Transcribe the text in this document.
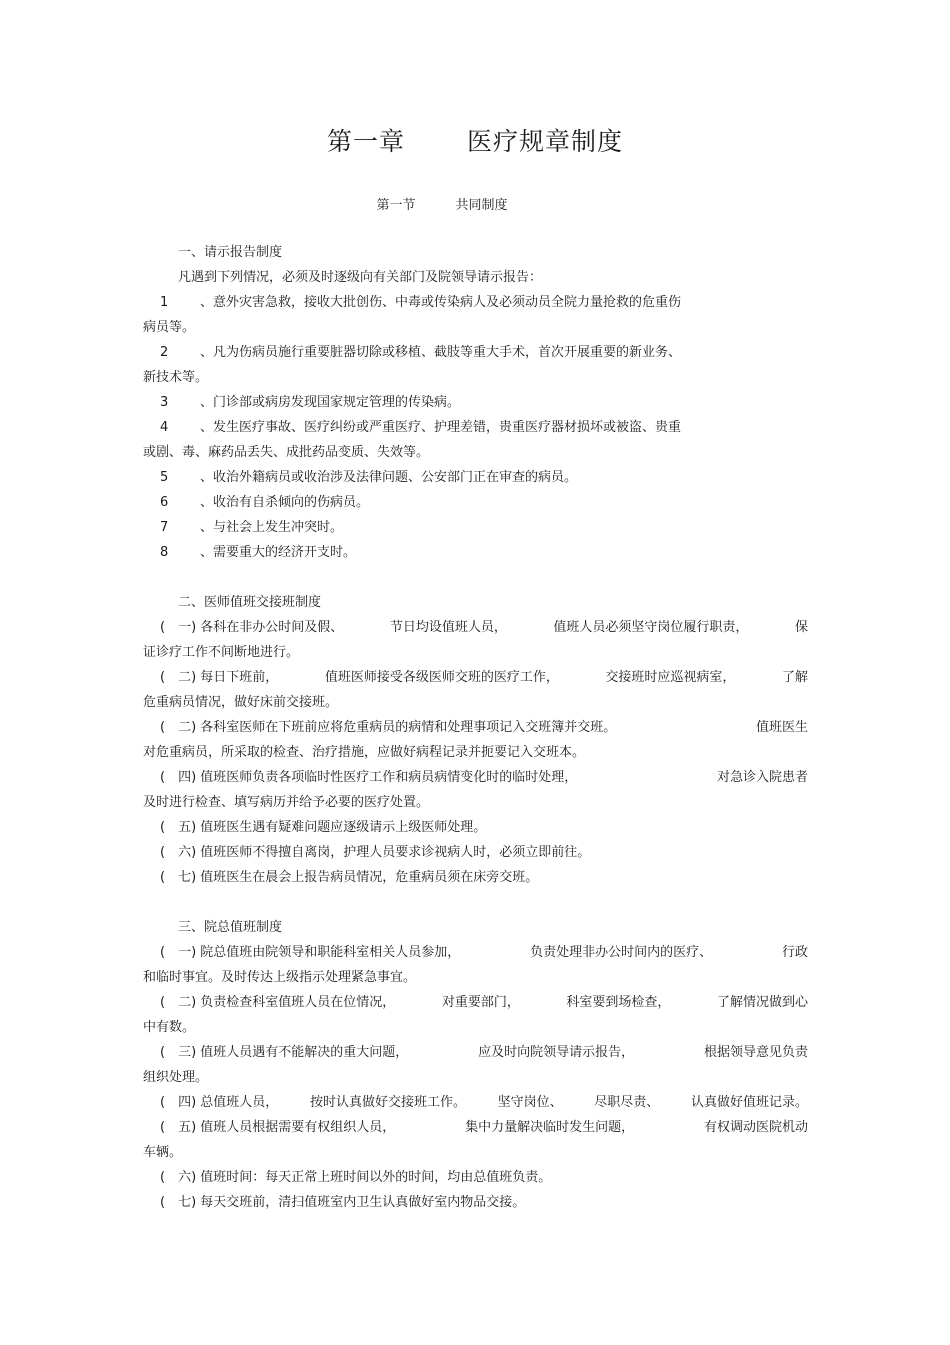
第一章 医疗规章制度
第一节	共同制度
一、请示报告制度
凡遇到下列情况，必须及时逐级向有关部门及院领导请示报告：
1 、意外灾害急救，接收大批创伤、中毒或传染病人及必须动员全院力量抢救的危重伤
病员等。
2 、凡为伤病员施行重要脏器切除或移植、截肢等重大手术，首次开展重要的新业务、
新技术等。
3 、门诊部或病房发现国家规定管理的传染病。
4 、发生医疗事故、医疗纠纷或严重医疗、护理差错，贵重医疗器材损坏或被盗、贵重
或剧、毒、麻药品丢失、成批药品变质、失效等。
5 、收治外籍病员或收治涉及法律问题、公安部门正在审查的病员。
6 、收治有自杀倾向的伤病员。
7 、与社会上发生冲突时。
8 、需要重大的经济开支时。
二、医师值班交接班制度
(　一) 各科在非办公时间及假、	节日均设值班人员，	值班人员必须坚守岗位履行职责，	保
证诊疗工作不间断地进行。
(　二) 每日下班前，	值班医师接受各级医师交班的医疗工作，	交接班时应巡视病室，	了解
危重病员情况，做好床前交接班。
(　二) 各科室医师在下班前应将危重病员的病情和处理事项记入交班簿并交班。	值班医生
对危重病员，所采取的检查、治疗措施，应做好病程记录并扼要记入交班本。
(　四) 值班医师负责各项临时性医疗工作和病员病情变化时的临时处理，	对急诊入院患者
及时进行检查、填写病历并给予必要的医疗处置。
(　五) 值班医生遇有疑难问题应逐级请示上级医师处理。
(　六) 值班医师不得擅自离岗，护理人员要求诊视病人时，必须立即前往。
(　七) 值班医生在晨会上报告病员情况，危重病员须在床旁交班。
三、院总值班制度
(　一) 院总值班由院领导和职能科室相关人员参加，	负责处理非办公时间内的医疗、	行政
和临时事宜。及时传达上级指示处理紧急事宜。
(　二) 负责检查科室值班人员在位情况，	对重要部门，	科室要到场检查，	了解情况做到心
中有数。
(　三) 值班人员遇有不能解决的重大问题，	应及时向院领导请示报告，	根据领导意见负责
组织处理。
(　四) 总值班人员， 按时认真做好交接班工作。 坚守岗位、 尽职尽责、 认真做好值班记录。
(　五) 值班人员根据需要有权组织人员，	集中力量解决临时发生问题，	有权调动医院机动
车辆。
(　六) 值班时间：每天正常上班时间以外的时间，均由总值班负责。
(　七) 每天交班前，清扫值班室内卫生认真做好室内物品交接。
